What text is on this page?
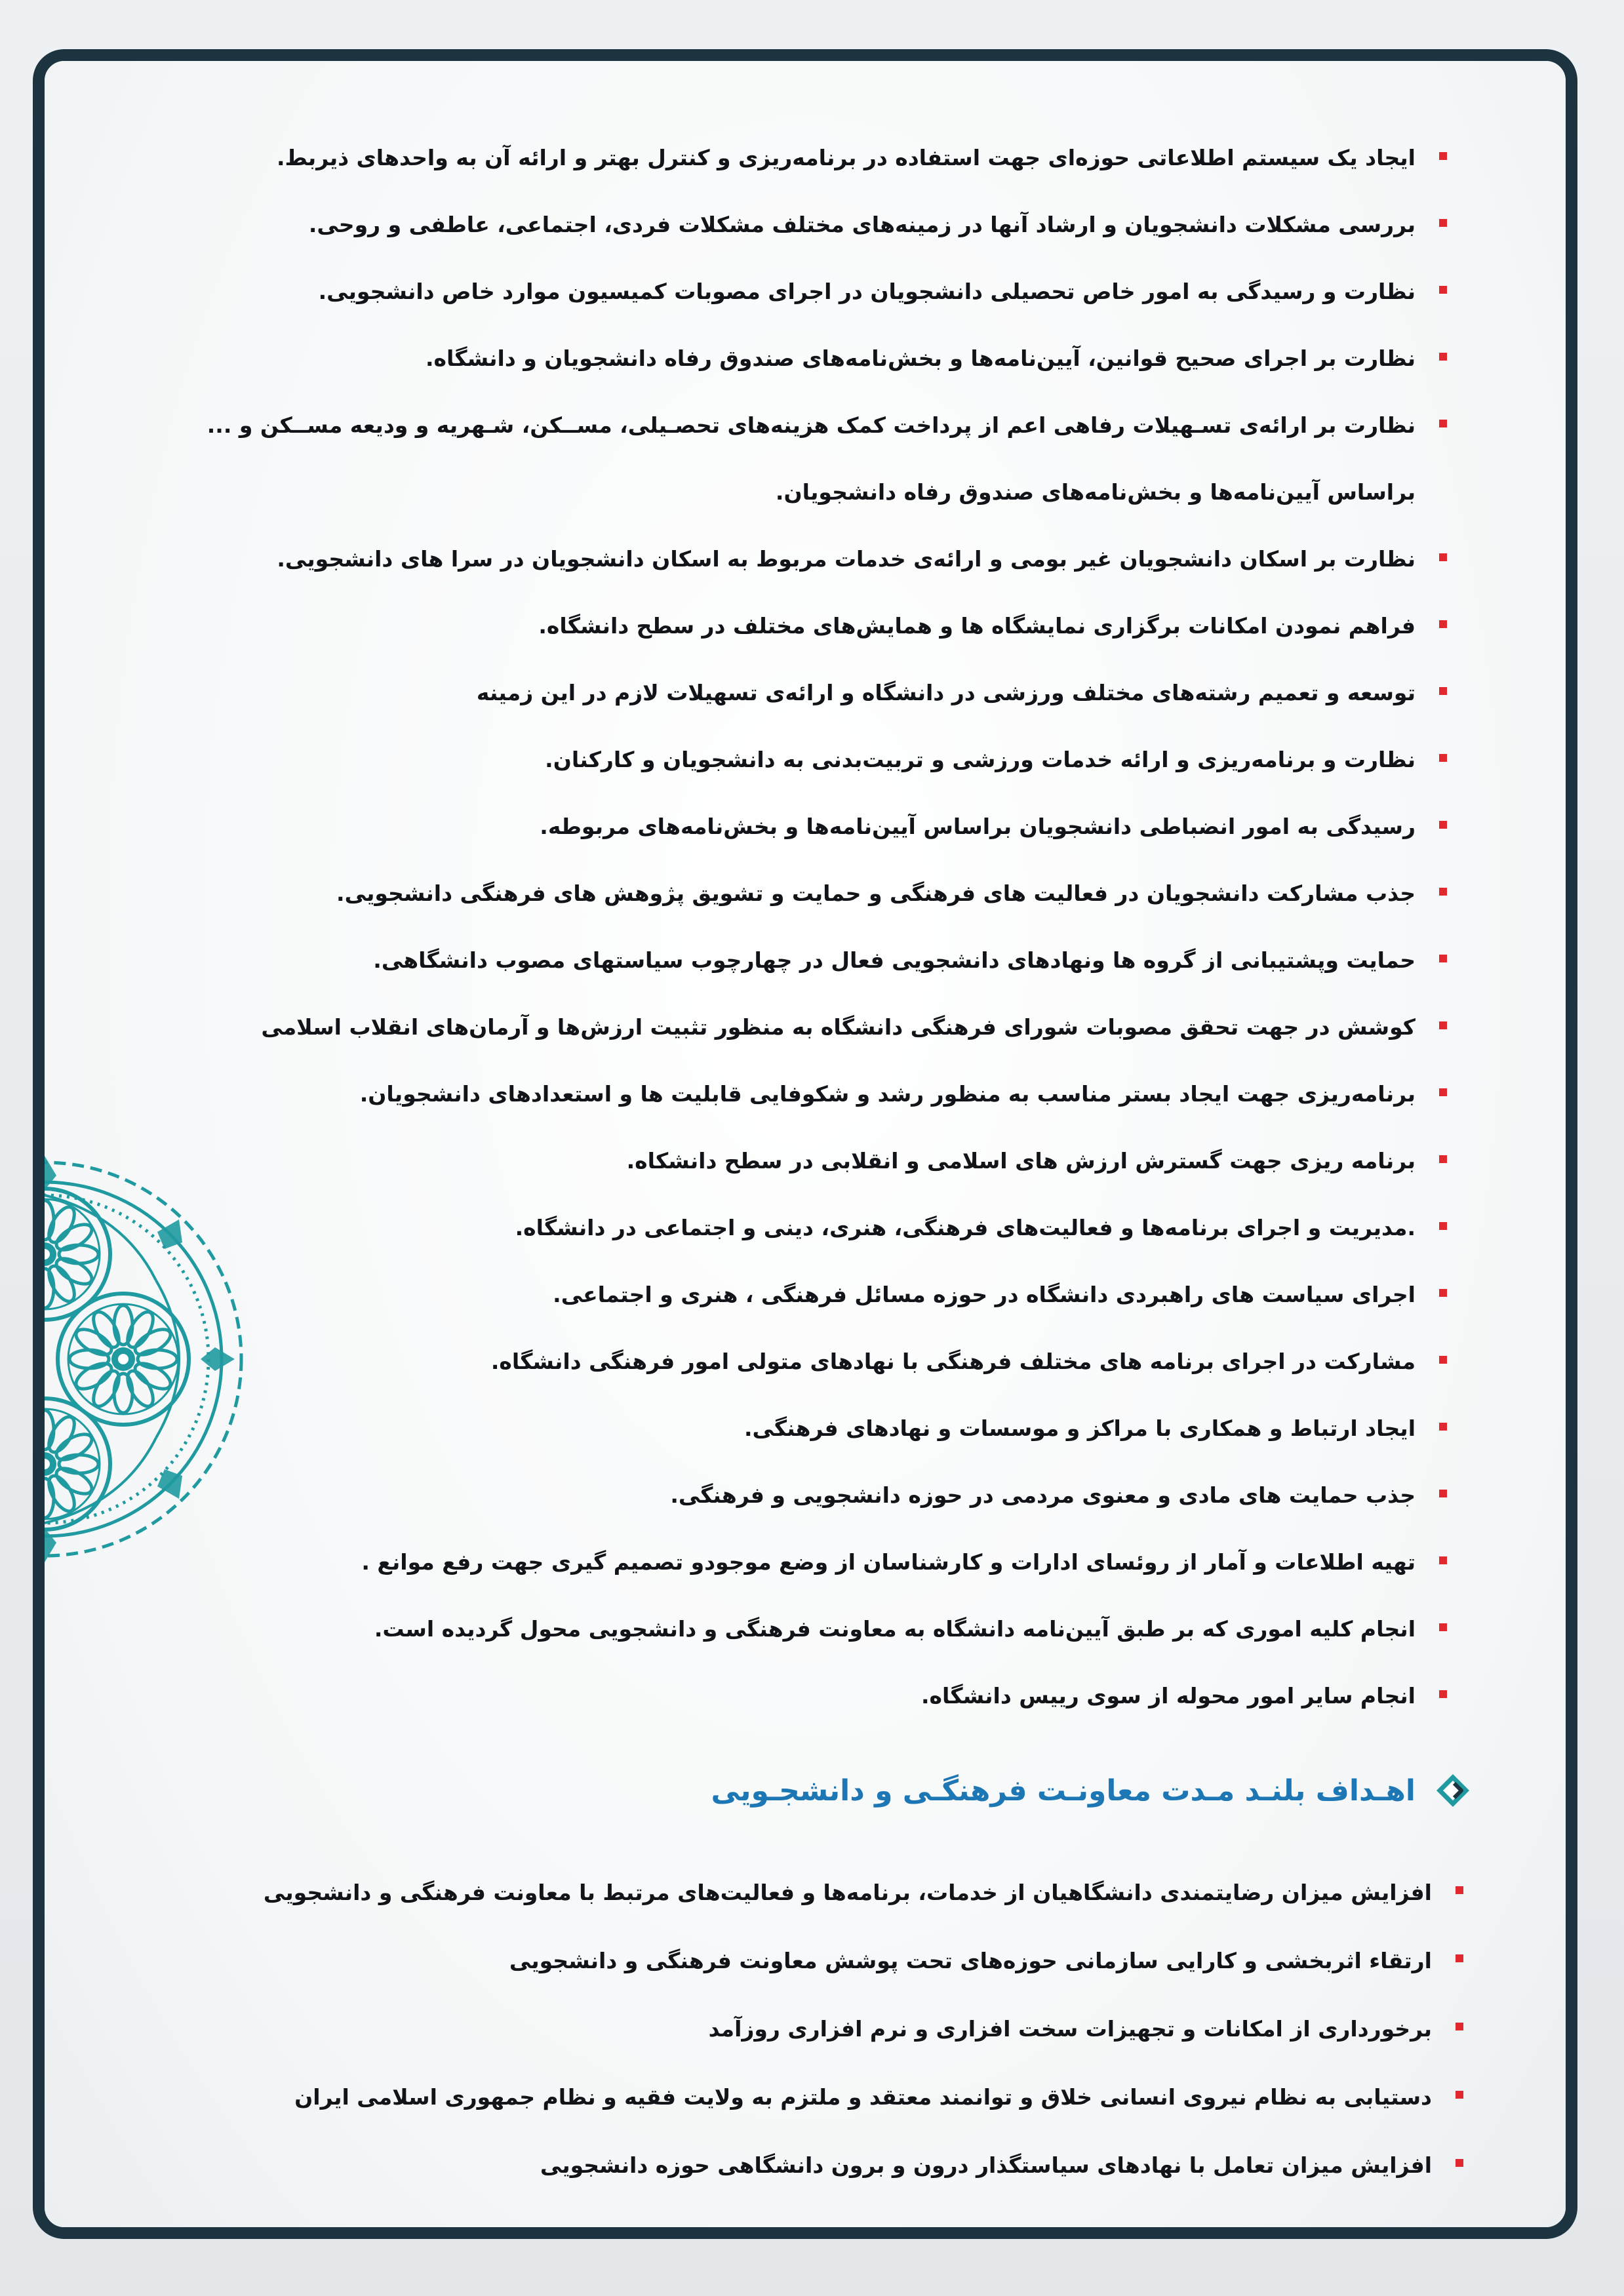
ایجاد یک سیستم اطلاعاتی حوزه‌ای جهت استفاده در برنامه‌ریزی و کنترل بهتر و ارائه آن به واحدهای ذیربط.
بررسی مشکلات دانشجویان و ارشاد آنها در زمینه‌های مختلف مشکلات فردی، اجتماعی، عاطفی و روحی.
نظارت و رسیدگی به امور خاص تحصیلی دانشجویان در اجرای مصوبات کمیسیون موارد خاص دانشجویی.
نظارت بر اجرای صحیح قوانین، آیین‌نامه‌ها و بخش‌نامه‌های صندوق رفاه دانشجویان و دانشگاه.
نظارت بر ارائه‌ی تسـهیلات رفاهی اعم از پرداخت کمک هزینه‌های تحصـیلی، مســکن، شـهریه و ودیعه مســکن و ... براساس آیین‌نامه‌ها و بخش‌نامه‌های صندوق رفاه دانشجویان.
نظارت بر اسکان دانشجویان غیر بومی و ارائه‌ی خدمات مربوط به اسکان دانشجویان در سرا های دانشجویی.
فراهم نمودن امکانات برگزاری نمایشگاه ها و همایش‌های مختلف در سطح دانشگاه.
توسعه و تعمیم رشته‌های مختلف ورزشی در دانشگاه و ارائه‌ی تسهیلات لازم در این زمینه
نظارت و برنامه‌ریزی و ارائه خدمات ورزشی و تربیت‌بدنی به دانشجویان و کارکنان.
رسیدگی به امور انضباطی دانشجویان براساس آیین‌نامه‌ها و بخش‌نامه‌های مربوطه.
جذب مشارکت دانشجویان در فعالیت های فرهنگی و حمایت و تشویق پژوهش های فرهنگی دانشجویی.
حمایت وپشتیبانی از گروه ها ونهادهای دانشجویی فعال در چهارچوب سیاستهای مصوب دانشگاهی.
کوشش در جهت تحقق مصوبات شورای فرهنگی دانشگاه به منظور تثبیت ارزش‌ها و آرمان‌های انقلاب اسلامی
برنامه‌ریزی جهت ایجاد بستر مناسب به منظور رشد و شکوفایی قابلیت ها و استعدادهای دانشجویان.
برنامه ریزی جهت گسترش ارزش های اسلامی و انقلابی در سطح دانشکاه.
.مدیریت و اجرای برنامه‌ها و فعالیت‌های فرهنگی، هنری، دینی و اجتماعی در دانشگاه.
اجرای سیاست های راهبردی دانشگاه در حوزه مسائل فرهنگی ، هنری و اجتماعی.
مشارکت در اجرای برنامه های مختلف فرهنگی با نهادهای متولی امور فرهنگی دانشگاه.
ایجاد ارتباط و همکاری با مراکز و موسسات و نهادهای فرهنگی.
جذب حمایت های مادی و معنوی مردمی در حوزه دانشجویی و فرهنگی.
تهیه اطلاعات و آمار از روئسای ادارات و کارشناسان از وضع موجودو تصمیم گیری جهت رفع موانع .
انجام کلیه اموری که بر طبق آیین‌نامه دانشگاه به معاونت فرهنگی و دانشجویی محول گردیده است.
انجام سایر امور محوله از سوی رییس دانشگاه.
اهـداف بلنـد مـدت معاونـت فرهنگـی و دانشجـویی
افزایش میزان رضایتمندی دانشگاهیان از خدمات، برنامه‌ها و فعالیت‌های مرتبط با معاونت فرهنگی و دانشجویی
ارتقاء اثربخشی و کارایی سازمانی حوزه‌های تحت پوشش معاونت فرهنگی و دانشجویی
برخورداری از امکانات و تجهیزات سخت افزاری و نرم افزاری روزآمد
دستیابی به نظام نیروی انسانی خلاق و توانمند معتقد و ملتزم به ولایت فقیه و نظام جمهوری اسلامی ایران
افزایش میزان تعامل با نهادهای سیاستگذار درون و برون دانشگاهی حوزه دانشجویی
